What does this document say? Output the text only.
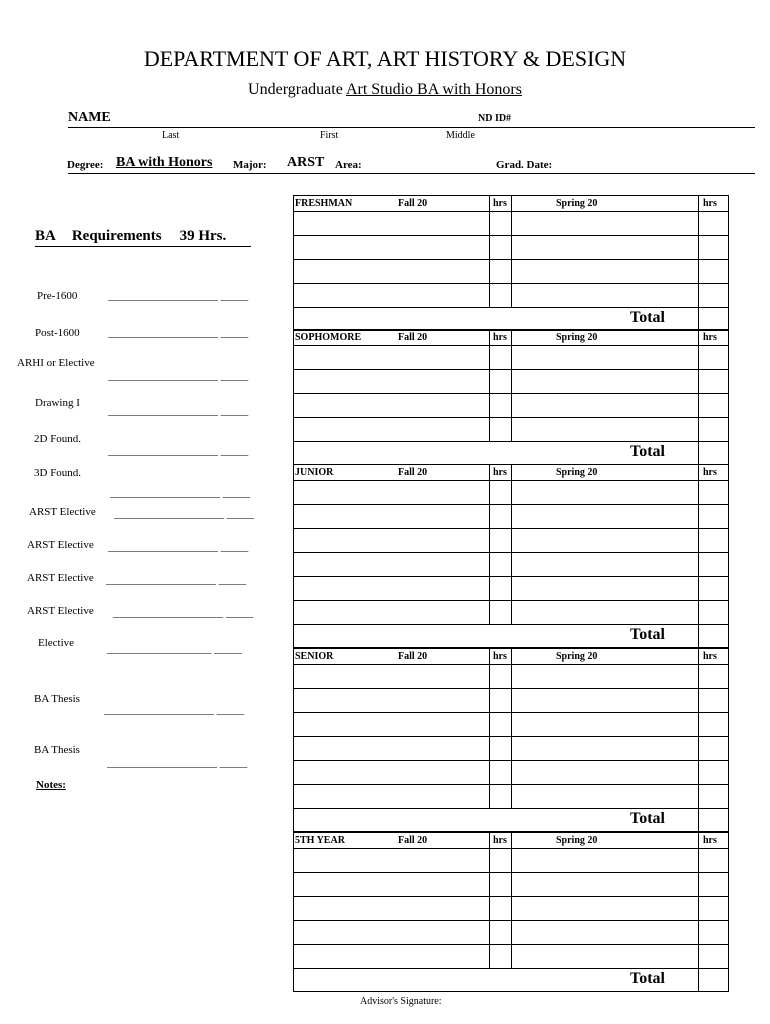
DEPARTMENT OF ART, ART HISTORY & DESIGN
Undergraduate Art Studio BA with Honors
NAME	ND ID#
Last	First	Middle
Degree: BA with Honors Major: ARST Area:	Grad. Date:
BA Requirements 39 Hrs.
Pre-1600	____________________ _____
Post-1600	____________________ _____
ARHI or Elective
____________________ _____
Drawing I
____________________ _____
2D Found.
____________________ _____
3D Found.
____________________ _____
ARST Elective ____________________ _____
ARST Elective ____________________ _____
ARST Elective ____________________ _____
ARST Elective ____________________ _____
Elective	___________________ _____
BA Thesis
____________________ _____
BA Thesis
____________________ _____
Notes:
FRESHMAN	Fall 20	hrs	Spring 20	hrs
Total
SOPHOMORE	Fall 20	hrs	Spring 20	hrs
Total
JUNIOR	Fall 20	hrs	Spring 20	hrs
Total
SENIOR	Fall 20	hrs	Spring 20	hrs
Total
5TH YEAR	Fall 20	hrs	Spring 20	hrs
Total
Advisor's Signature:
